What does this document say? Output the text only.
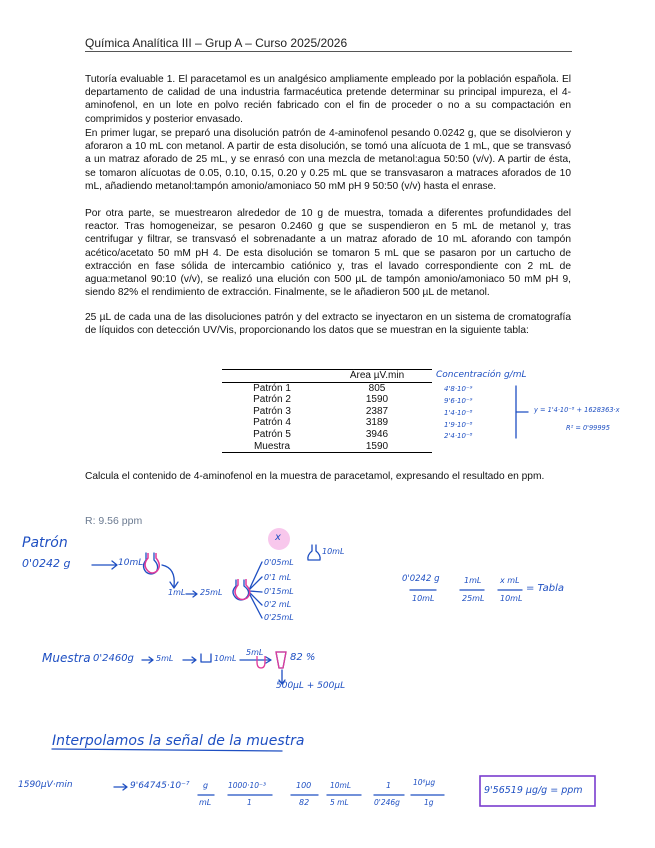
Química Analítica III – Grup A – Curso 2025/2026

Tutoría evaluable 1. El paracetamol es un analgésico ampliamente empleado por la población española. El departamento de calidad de una industria farmacéutica pretende determinar su principal impureza, el 4-aminofenol, en un lote en polvo recién fabricado con el fin de proceder o no a su compactación en comprimidos y posterior envasado.

En primer lugar, se preparó una disolución patrón de 4-aminofenol pesando 0.0242 g, que se disolvieron y aforaron a 10 mL con metanol. A partir de esta disolución, se tomó una alícuota de 1 mL, que se transvasó a un matraz aforado de 25 mL, y se enrasó con una mezcla de metanol:agua 50:50 (v/v). A partir de ésta, se tomaron alícuotas de 0.05, 0.10, 0.15, 0.20 y 0.25 mL que se transvasaron a matraces aforados de 10 mL, añadiendo metanol:tampón amonio/amoniaco 50 mM pH 9 50:50 (v/v) hasta el enrase.

Por otra parte, se muestrearon alrededor de 10 g de muestra, tomada a diferentes profundidades del reactor. Tras homogeneizar, se pesaron 0.2460 g que se suspendieron en 5 mL de metanol y, tras centrifugar y filtrar, se transvasó el sobrenadante a un matraz aforado de 10 mL aforando con tampón acético/acetato 50 mM pH 4. De esta disolución se tomaron 5 mL que se pasaron por un cartucho de extracción en fase sólida de intercambio catiónico y, tras el lavado correspondiente con 2 mL de agua:metanol 90:10 (v/v), se realizó una elución con 500 µL de tampón amonio/amoniaco 50 mM pH 9, siendo 82% el rendimiento de extracción. Finalmente, se le añadieron 500 µL de metanol.

25 µL de cada una de las disoluciones patrón y del extracto se inyectaron en un sistema de cromatografía de líquidos con detección UV/Vis, proporcionando los datos que se muestran en la siguiente tabla:

	Área µV.min
Patrón 1	805
Patrón 2	1590
Patrón 3	2387
Patrón 4	3189
Patrón 5	3946
Muestra	1590

Calcula el contenido de 4-aminofenol en la muestra de paracetamol, expresando el resultado en ppm.

R: 9.56 ppm
Concentración g/mL
4'8·10⁻⁹
9'6·10⁻⁹
1'4·10⁻⁸
1'9·10⁻⁸
2'4·10⁻⁸
y = 1'4·10⁻⁸ + 1628363·x
R² = 0'99995
Patrón
0'0242 g	10mL
1mL 25mL
x
0'05mL
0'1 mL
0'15mL
0'2 mL
0'25mL
10mL
0'0242 g
10mL
1mL
25mL
x mL
10mL
= Tabla
Muestra 0'2460g	5mL	10mL
5mL	82 %
500µL + 500µL
Interpolamos la señal de la muestra
1590µV·min	9'64745·10⁻⁷ g
mL
1000·10⁻³
1
100
82
10mL
5 mL
1
0'246g
10⁶µg
1g
9'56519 µg/g = ppm
